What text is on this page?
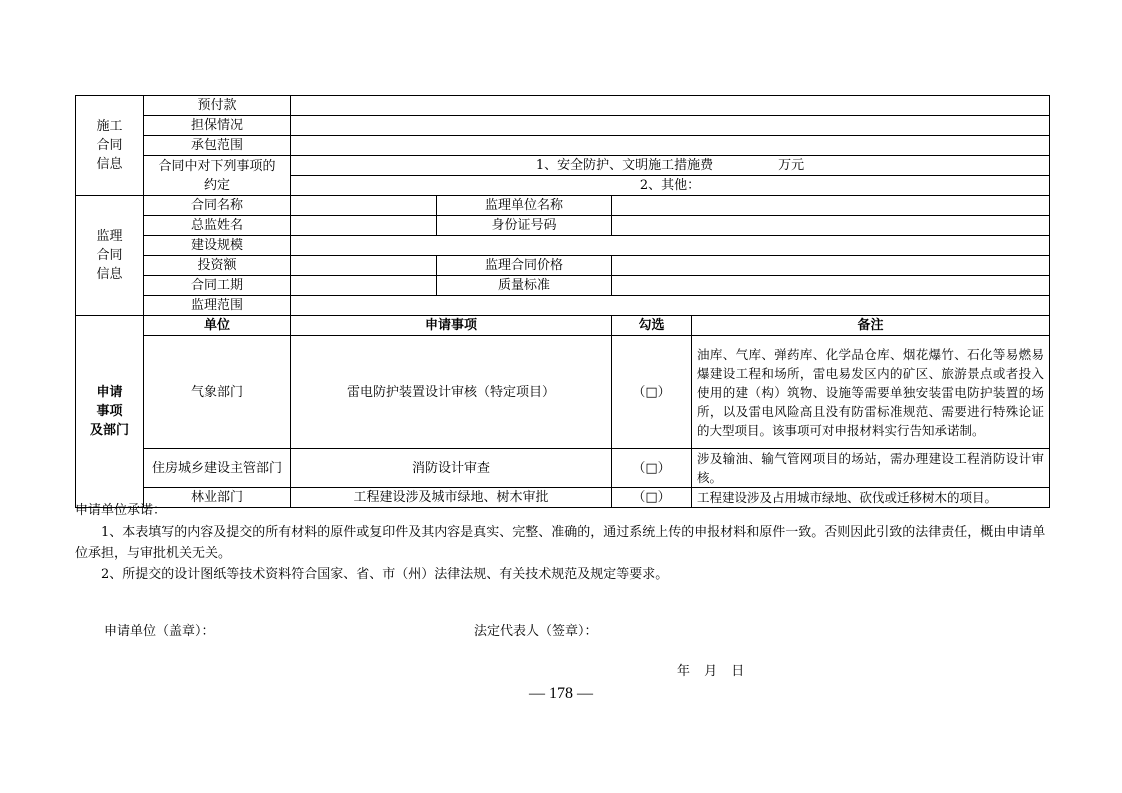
施工
合同
信息	预付款				
	担保情况				
	承包范围				
	合同中对下列事项的
约定	1、安全防护、文明施工措施费　　　　　万元			
		2、其他：			
监理
合同
信息	合同名称		监理单位名称		
	总监姓名		身份证号码		
	建设规模				
	投资额		监理合同价格		
	合同工期		质量标准		
	监理范围				
申请
事项
及部门	单位	申请事项		勾选	备注
	气象部门	雷电防护装置设计审核（特定项目）		（□）	油库、气库、弹药库、化学品仓库、烟花爆竹、石化等易燃易爆建设工程和场所，雷电易发区内的矿区、旅游景点或者投入使用的建（构）筑物、设施等需要单独安装雷电防护装置的场所，以及雷电风险高且没有防雷标准规范、需要进行特殊论证的大型项目。该事项可对申报材料实行告知承诺制。
	住房城乡建设主管部门	消防设计审查		（□）	涉及输油、输气管网项目的场站，需办理建设工程消防设计审核。
	林业部门	工程建设涉及城市绿地、树木审批		（□）	工程建设涉及占用城市绿地、砍伐或迁移树木的项目。
申请单位承诺：
1、本表填写的内容及提交的所有材料的原件或复印件及其内容是真实、完整、准确的，通过系统上传的申报材料和原件一致。否则因此引致的法律责任，概由申请单位承担，与审批机关无关。
2、所提交的设计图纸等技术资料符合国家、省、市（州）法律法规、有关技术规范及规定等要求。
申请单位（盖章）：	法定代表人（签章）：
年 月 日
— 178 —
